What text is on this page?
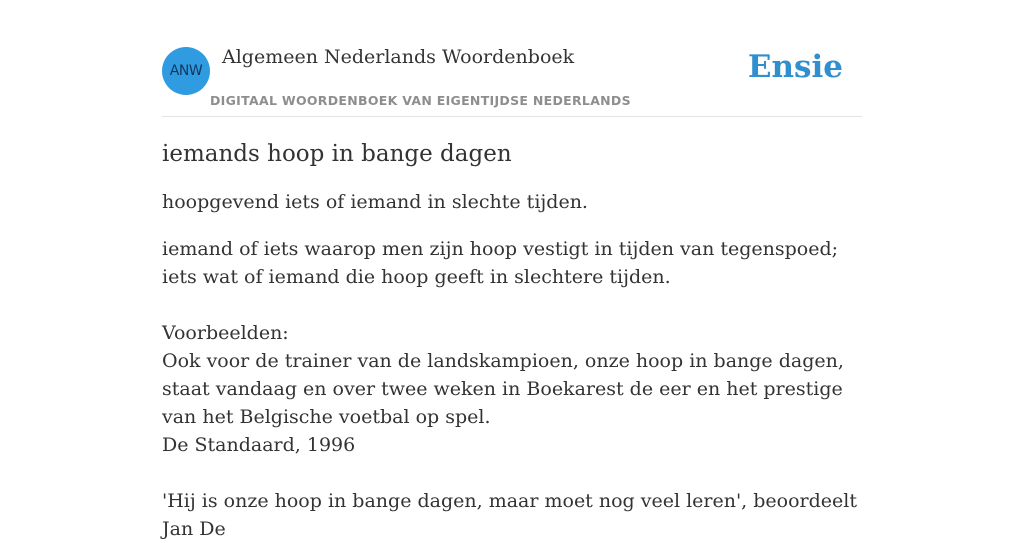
ANW
Algemeen Nederlands Woordenboek
DIGITAAL WOORDENBOEK VAN EIGENTIJDSE NEDERLANDS
Ensie
iemands hoop in bange dagen

hoopgevend iets of iemand in slechte tijden.

iemand of iets waarop men zijn hoop vestigt in tijden van tegenspoed; iets wat of iemand die hoop geeft in slechtere tijden.

Voorbeelden:

Ook voor de trainer van de landskampioen, onze hoop in bange dagen, staat vandaag en over twee weken in Boekarest de eer en het prestige van het Belgische voetbal op spel.

De Standaard, 1996

'Hij is onze hoop in bange dagen, maar moet nog veel leren', beoordeelt Jan De
